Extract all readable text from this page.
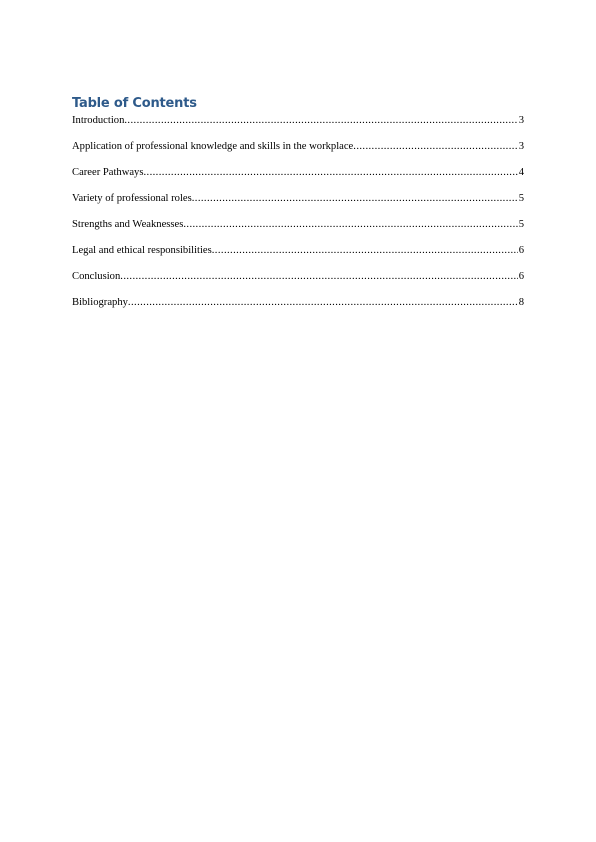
Table of Contents
Introduction .....	3
Application of professional knowledge and skills in the workplace .....	3
Career Pathways .....	4
Variety of professional roles .....	5
Strengths and Weaknesses .....	5
Legal and ethical responsibilities .....	6
Conclusion .....	6
Bibliography .....	8
